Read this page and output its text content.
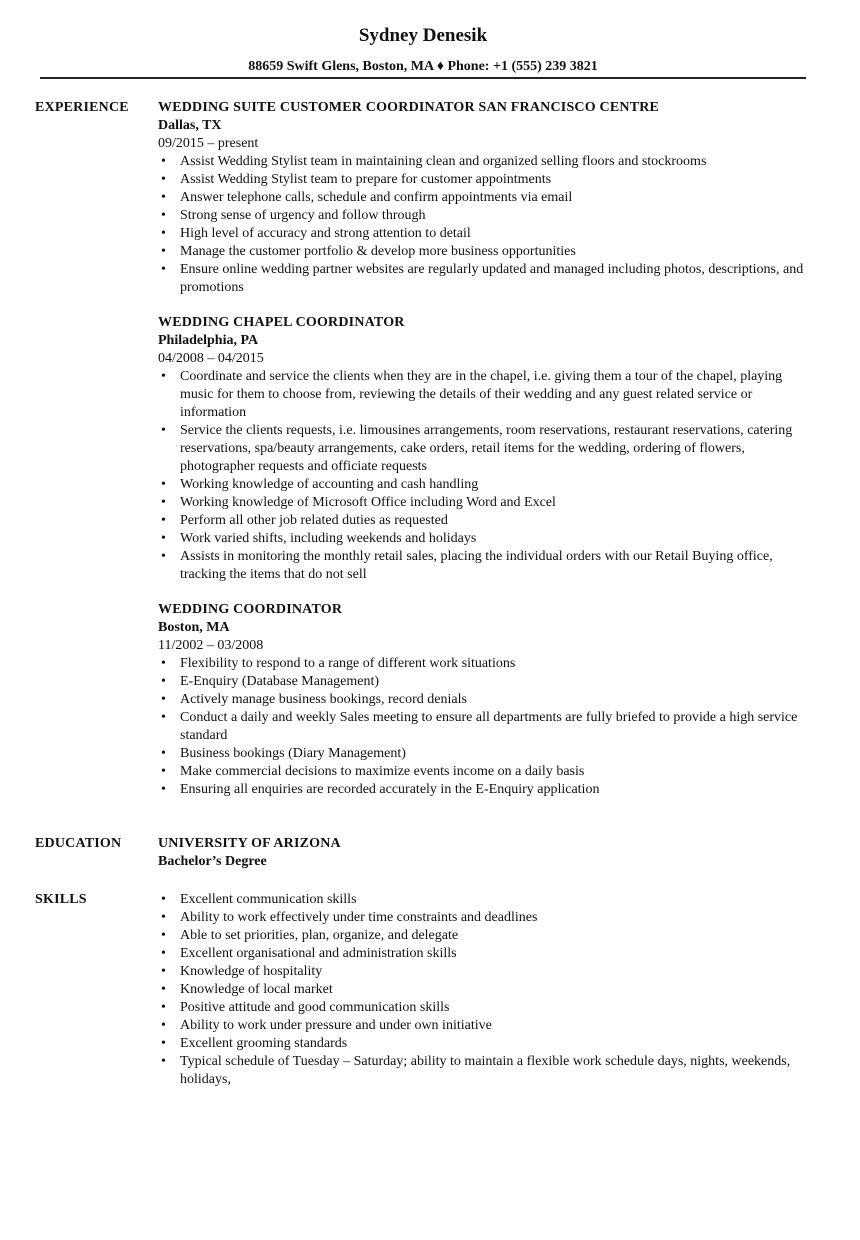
Sydney Denesik
88659 Swift Glens, Boston, MA ♦ Phone: +1 (555) 239 3821
EXPERIENCE WEDDING SUITE CUSTOMER COORDINATOR SAN FRANCISCO CENTRE
Dallas, TX
09/2015 – present
• Assist Wedding Stylist team in maintaining clean and organized selling floors and stockrooms
• Assist Wedding Stylist team to prepare for customer appointments
• Answer telephone calls, schedule and confirm appointments via email
• Strong sense of urgency and follow through
• High level of accuracy and strong attention to detail
• Manage the customer portfolio & develop more business opportunities
• Ensure online wedding partner websites are regularly updated and managed including photos, descriptions, and promotions
WEDDING CHAPEL COORDINATOR
Philadelphia, PA
04/2008 – 04/2015
• Coordinate and service the clients when they are in the chapel, i.e. giving them a tour of the chapel, playing music for them to choose from, reviewing the details of their wedding and any guest related service or information
• Service the clients requests, i.e. limousines arrangements, room reservations, restaurant reservations, catering reservations, spa/beauty arrangements, cake orders, retail items for the wedding, ordering of flowers, photographer requests and officiate requests
• Working knowledge of accounting and cash handling
• Working knowledge of Microsoft Office including Word and Excel
• Perform all other job related duties as requested
• Work varied shifts, including weekends and holidays
• Assists in monitoring the monthly retail sales, placing the individual orders with our Retail Buying office, tracking the items that do not sell
WEDDING COORDINATOR
Boston, MA
11/2002 – 03/2008
• Flexibility to respond to a range of different work situations
• E-Enquiry (Database Management)
• Actively manage business bookings, record denials
• Conduct a daily and weekly Sales meeting to ensure all departments are fully briefed to provide a high service standard
• Business bookings (Diary Management)
• Make commercial decisions to maximize events income on a daily basis
• Ensuring all enquiries are recorded accurately in the E-Enquiry application
EDUCATION	UNIVERSITY OF ARIZONA
Bachelor’s Degree
SKILLS
•	Excellent communication skills
• Ability to work effectively under time constraints and deadlines
• Able to set priorities, plan, organize, and delegate
• Excellent organisational and administration skills
• Knowledge of hospitality
• Knowledge of local market
• Positive attitude and good communication skills
• Ability to work under pressure and under own initiative
• Excellent grooming standards
• Typical schedule of Tuesday – Saturday; ability to maintain a flexible work schedule days, nights, weekends, holidays,
